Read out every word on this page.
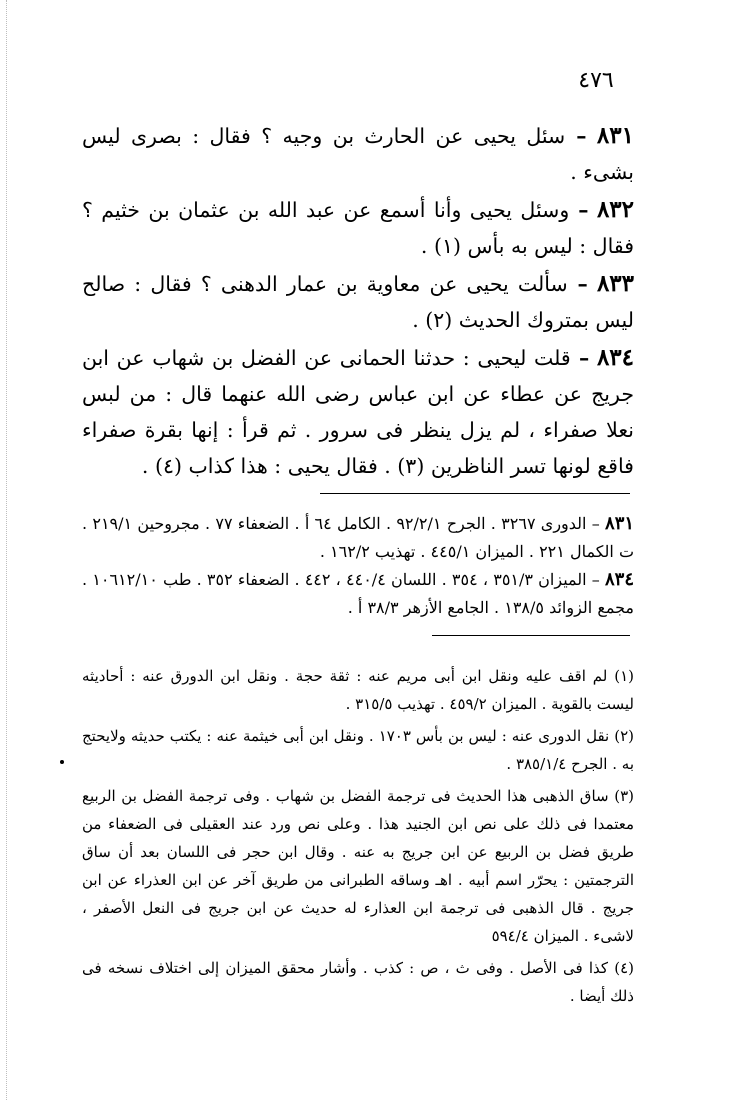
٤٧٦

٨٣١ – سئل يحيى عن الحارث بن وجيه ؟ فقال : بصرى ليس بشىء .

٨٣٢ – وسئل يحيى وأنا أسمع عن عبد الله بن عثمان بن خثيم ؟ فقال : ليس به بأس (١) .

٨٣٣ – سألت يحيى عن معاوية بن عمار الدهنى ؟ فقال : صالح ليس بمتروك الحديث (٢) .

٨٣٤ – قلت ليحيى : حدثنا الحمانى عن الفضل بن شهاب عن ابن جريج عن عطاء عن ابن عباس رضى الله عنهما قال : من لبس نعلا صفراء ، لم يزل ينظر فى سرور . ثم قرأ : إنها بقرة صفراء فاقع لونها تسر الناظرين (٣) . فقال يحيى : هذا كذاب (٤) .

٨٣١ – الدورى ٣٢٦٧ . الجرح ٩٢/٢/١ . الكامل ٦٤ أ . الضعفاء ٧٧ . مجروحين ٢١٩/١ . ت الكمال ٢٢١ . الميزان ٤٤٥/١ . تهذيب ١٦٢/٢ .
٨٣٤ – الميزان ٣٥١/٣ ، ٣٥٤ . اللسان ٤٤٠/٤ ، ٤٤٢ . الضعفاء ٣٥٢ . طب ١٠٦١٢/١٠ . مجمع الزوائد ١٣٨/٥ . الجامع الأزهر ٣٨/٣ أ .
(١) لم اقف عليه ونقل ابن أبى مريم عنه : ثقة حجة . ونقل ابن الدورق عنه : أحاديثه ليست بالقوية . الميزان ٤٥٩/٢ . تهذيب ٣١٥/٥ .
(٢) نقل الدورى عنه : ليس بن بأس ١٧٠٣ . ونقل ابن أبى خيثمة عنه : يكتب حديثه ولايحتج به . الجرح ٣٨٥/١/٤ .
(٣) ساق الذهبى هذا الحديث فى ترجمة الفضل بن شهاب . وفى ترجمة الفضل بن الربيع معتمدا فى ذلك على نص ابن الجنيد هذا . وعلى نص ورد عند العقيلى فى الضعفاء من طريق فضل بن الربيع عن ابن جريج به عنه . وقال ابن حجر فى اللسان بعد أن ساق الترجمتين : يحرّر اسم أبيه . اهـ وساقه الطبرانى من طريق آخر عن ابن العذراء عن ابن جريج . قال الذهبى فى ترجمة ابن العذارء له حديث عن ابن جريج فى النعل الأصفر ، لاشىء . الميزان ٥٩٤/٤
(٤) كذا فى الأصل . وفى ث ، ص : كذب . وأشار محقق الميزان إلى اختلاف نسخه فى ذلك أيضا .
